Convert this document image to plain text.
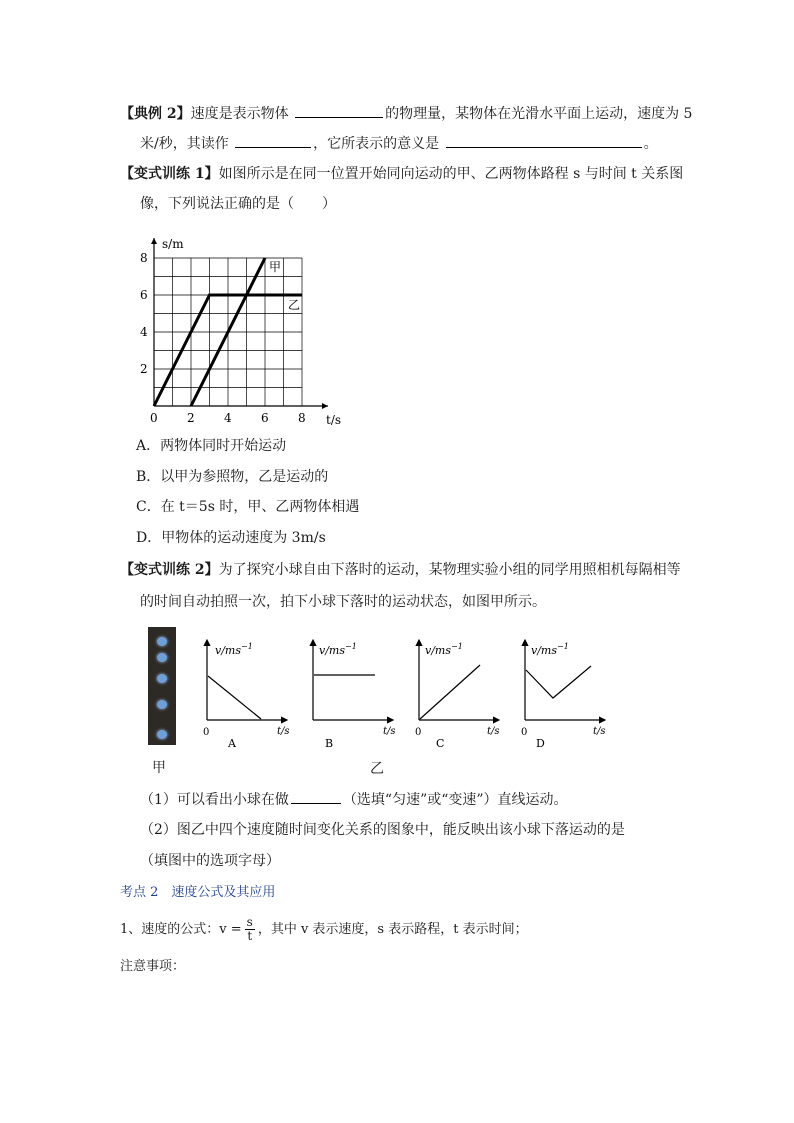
【典例 2】速度是表示物体	的物理量，某物体在光滑水平面上运动，速度为 5
米/秒，其读作	，它所表示的意义是	。
【变式训练 1】如图所示是在同一位置开始同向运动的甲、乙两物体路程 s 与时间 t 关系图
像，下列说法正确的是（　　）
甲
乙
0 2 4 6 8
2
4
6
8
s/m
t/s
A．两物体同时开始运动
B．以甲为参照物，乙是运动的
C．在 t＝5s 时，甲、乙两物体相遇
D．甲物体的运动速度为 3m/s
【变式训练 2】为了探究小球自由下落时的运动，某物理实验小组的同学用照相机每隔相等
的时间自动拍照一次，拍下小球下落时的运动状态，如图甲所示。
甲
$v/ms^{-1}$
0	t/s
A
$v/ms^{-1}$
t/s
B
$v/ms^{-1}$
0	t/s
C
$v/ms^{-1}$
0	t/s
D
乙
（1）可以看出小球在做	（选填“匀速”或“变速”）直线运动。
（2）图乙中四个速度随时间变化关系的图象中，能反映出该小球下落运动的是
（填图中的选项字母）
考点 2　速度公式及其应用
1、速度的公式：$v = \frac{s}{t}$ ，其中 v 表示速度，s 表示路程，t 表示时间；
注意事项：
